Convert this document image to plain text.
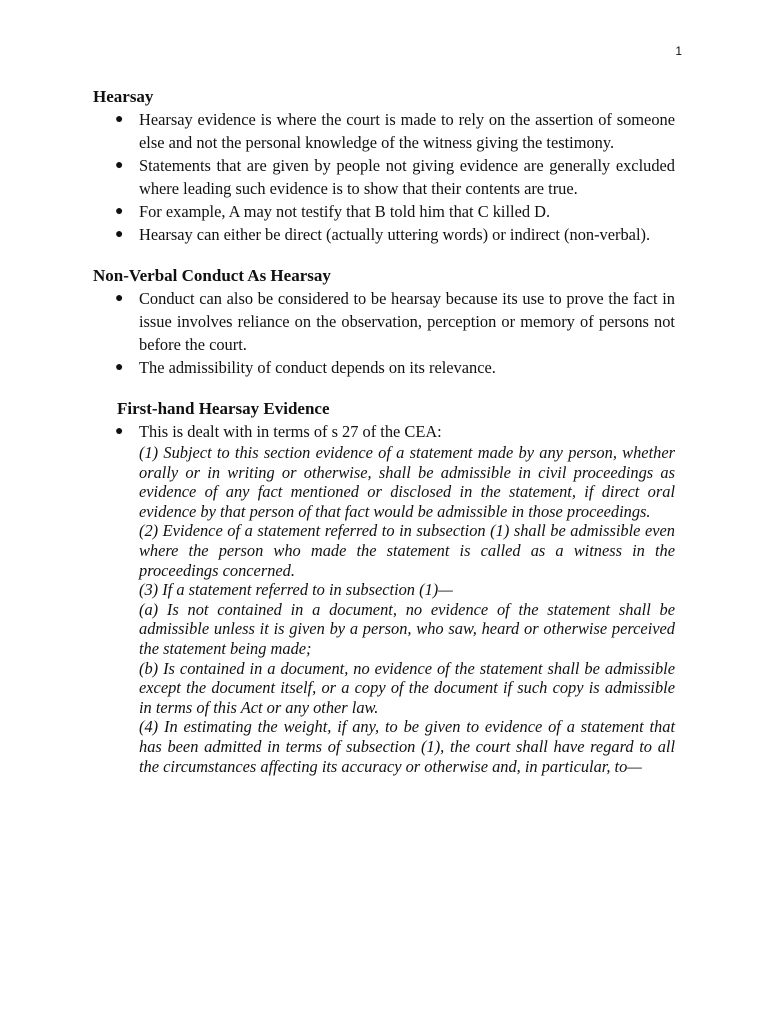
1
Hearsay
● Hearsay evidence is where the court is made to rely on the assertion of someone else and not the personal knowledge of the witness giving the testimony.
● Statements that are given by people not giving evidence are generally excluded where leading such evidence is to show that their contents are true.
● For example, A may not testify that B told him that C killed D.
● Hearsay can either be direct (actually uttering words) or indirect (non-verbal).
Non-Verbal Conduct As Hearsay
● Conduct can also be considered to be hearsay because its use to prove the fact in issue involves reliance on the observation, perception or memory of persons not before the court.
● The admissibility of conduct depends on its relevance.
First-hand Hearsay Evidence
● This is dealt with in terms of s 27 of the CEA:

(1) Subject to this section evidence of a statement made by any person, whether orally or in writing or otherwise, shall be admissible in civil proceedings as evidence of any fact mentioned or disclosed in the statement, if direct oral evidence by that person of that fact would be admissible in those proceedings.

(2) Evidence of a statement referred to in subsection (1) shall be admissible even where the person who made the statement is called as a witness in the proceedings concerned.

(3) If a statement referred to in subsection (1)—

(a) Is not contained in a document, no evidence of the statement shall be admissible unless it is given by a person, who saw, heard or otherwise perceived the statement being made;

(b) Is contained in a document, no evidence of the statement shall be admissible except the document itself, or a copy of the document if such copy is admissible in terms of this Act or any other law.

(4) In estimating the weight, if any, to be given to evidence of a statement that has been admitted in terms of subsection (1), the court shall have regard to all the circumstances affecting its accuracy or otherwise and, in particular, to—
